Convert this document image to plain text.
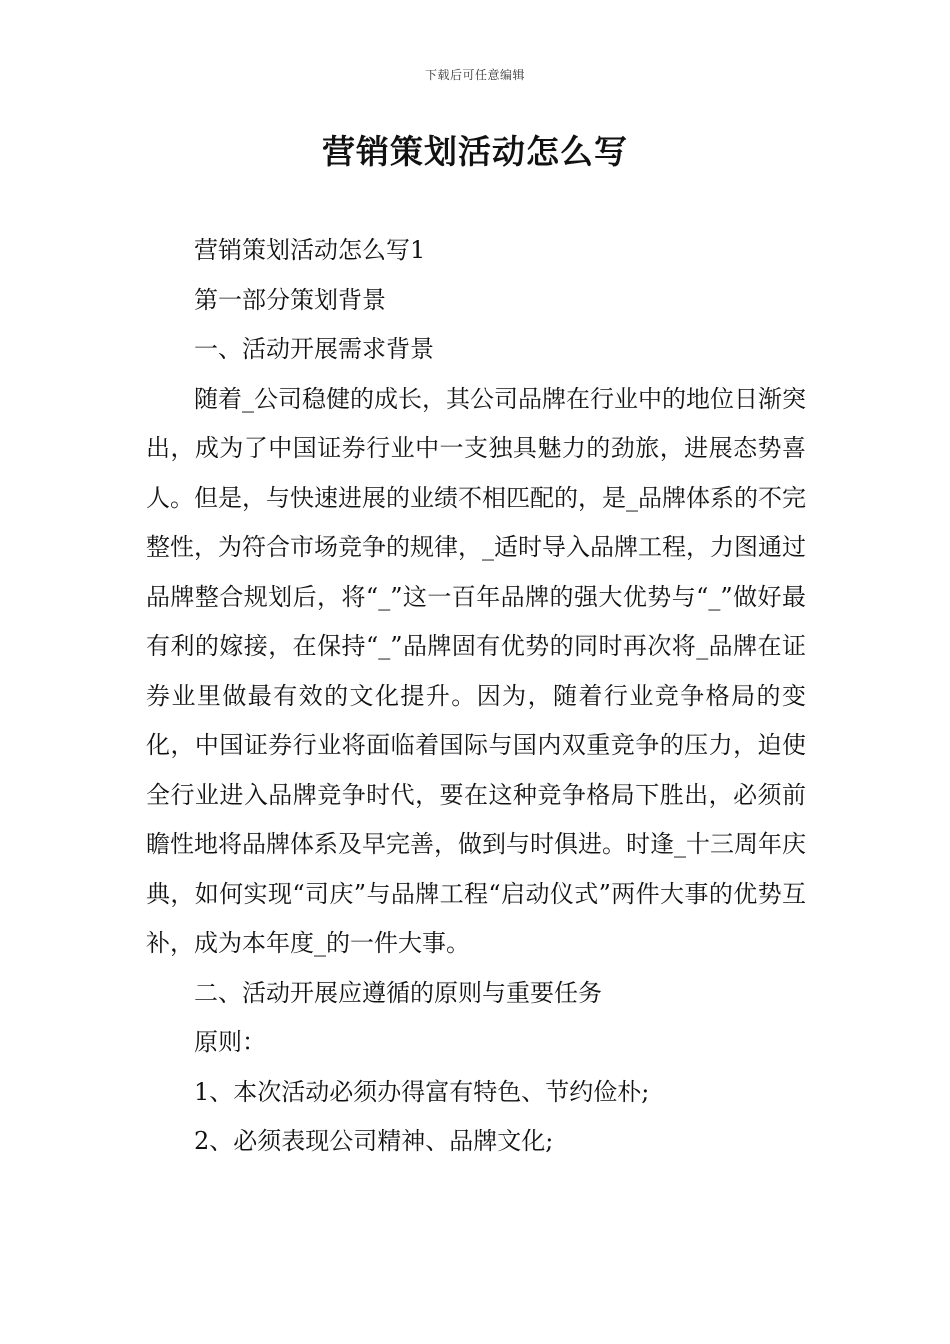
下载后可任意编辑
营销策划活动怎么写

营销策划活动怎么写1

第一部分策划背景

一、活动开展需求背景

随着_公司稳健的成长，其公司品牌在行业中的地位日渐突出，成为了中国证券行业中一支独具魅力的劲旅，进展态势喜人。但是，与快速进展的业绩不相匹配的，是_品牌体系的不完整性，为符合市场竞争的规律，_适时导入品牌工程，力图通过品牌整合规划后，将“_”这一百年品牌的强大优势与“_”做好最有利的嫁接，在保持“_”品牌固有优势的同时再次将_品牌在证券业里做最有效的文化提升。因为，随着行业竞争格局的变化，中国证券行业将面临着国际与国内双重竞争的压力，迫使全行业进入品牌竞争时代，要在这种竞争格局下胜出，必须前瞻性地将品牌体系及早完善，做到与时俱进。时逢_十三周年庆典，如何实现“司庆”与品牌工程“启动仪式”两件大事的优势互补，成为本年度_的一件大事。

二、活动开展应遵循的原则与重要任务

原则：

1、本次活动必须办得富有特色、节约俭朴;

2、必须表现公司精神、品牌文化;
